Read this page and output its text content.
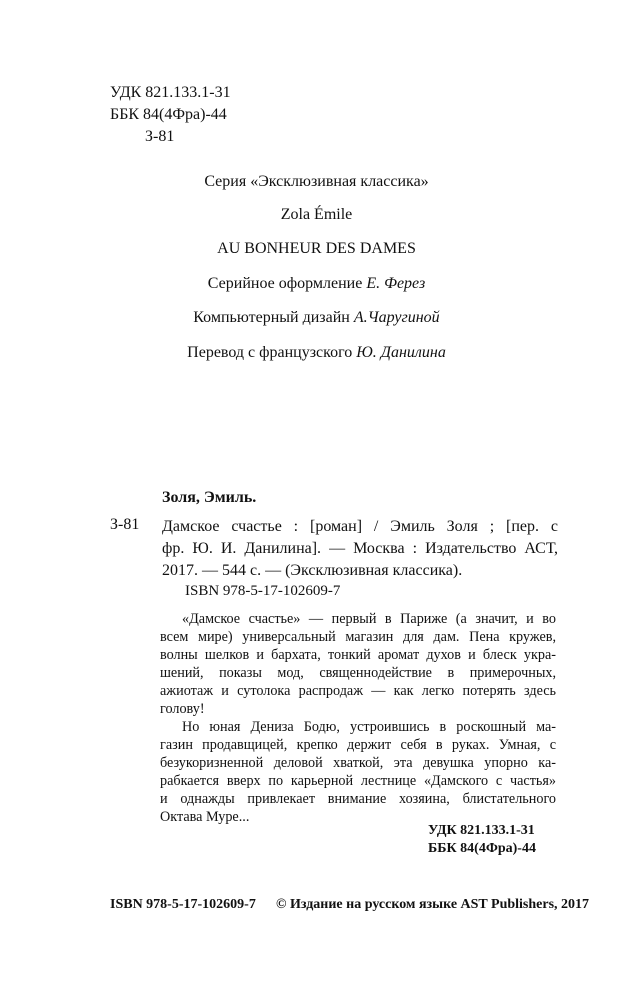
УДК 821.133.1-31
ББК 84(4Фра)-44
З-81
Серия «Эксклюзивная классика»
Zola Émile
AU BONHEUR DES DAMES
Серийное оформление Е. Ферез
Компьютерный дизайн А.Чаругиной
Перевод с французского Ю. Данилина
Золя, Эмиль.
З-81 Дамское счастье : [роман] / Эмиль Золя ; [пер. с
фр. Ю. И. Данилина]. — Москва : Издательство АСТ,
2017. — 544 с. — (Эксклюзивная классика).
ISBN 978-5-17-102609-7
«Дамское счастье» — первый в Париже (а значит, и во
всем мире) универсальный магазин для дам. Пена кружев,
волны шелков и бархата, тонкий аромат духов и блеск укра-
шений, показы мод, священнодействие в примерочных,
ажиотаж и сутолока распродаж — как легко потерять здесь
голову!
Но юная Дениза Бодю, устроившись в роскошный ма-
газин продавщицей, крепко держит себя в руках. Умная, с
безукоризненной деловой хваткой, эта девушка упорно ка-
рабкается вверх по карьерной лестнице «Дамского с частья»
и однажды привлекает внимание хозяина, блистательного
Октава Муре...
УДК 821.133.1-31
ББК 84(4Фра)-44
ISBN 978-5-17-102609-7 © Издание на русском языке AST Publishers, 2017
